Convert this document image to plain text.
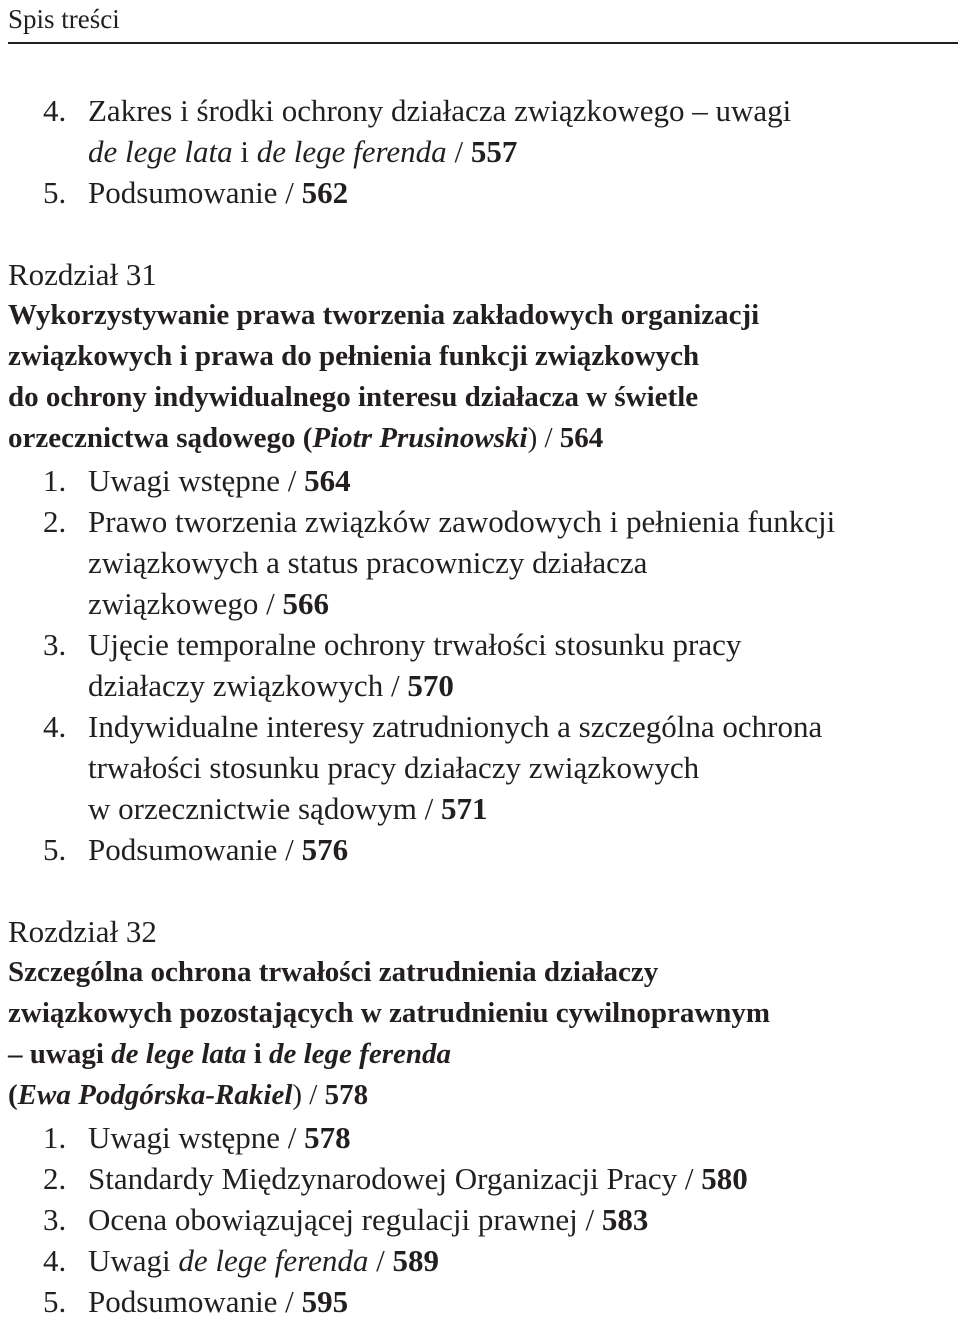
Spis treści
4. Zakres i środki ochrony działacza związkowego – uwagi
de lege lata i de lege ferenda / 557
5. Podsumowanie / 562
Rozdział 31
Wykorzystywanie prawa tworzenia zakładowych organizacji
związkowych i prawa do pełnienia funkcji związkowych
do ochrony indywidualnego interesu działacza w świetle
orzecznictwa sądowego (Piotr Prusinowski) / 564
1. Uwagi wstępne / 564
2. Prawo tworzenia związków zawodowych i pełnienia funkcji
związkowych a status pracowniczy działacza
związkowego / 566
3. Ujęcie temporalne ochrony trwałości stosunku pracy
działaczy związkowych / 570
4. Indywidualne interesy zatrudnionych a szczególna ochrona
trwałości stosunku pracy działaczy związkowych
w orzecznictwie sądowym / 571
5. Podsumowanie / 576
Rozdział 32
Szczególna ochrona trwałości zatrudnienia działaczy
związkowych pozostających w zatrudnieniu cywilnoprawnym
– uwagi de lege lata i de lege ferenda
(Ewa Podgórska-Rakiel) / 578
1. Uwagi wstępne / 578
2. Standardy Międzynarodowej Organizacji Pracy / 580
3. Ocena obowiązującej regulacji prawnej / 583
4. Uwagi de lege ferenda / 589
5. Podsumowanie / 595
